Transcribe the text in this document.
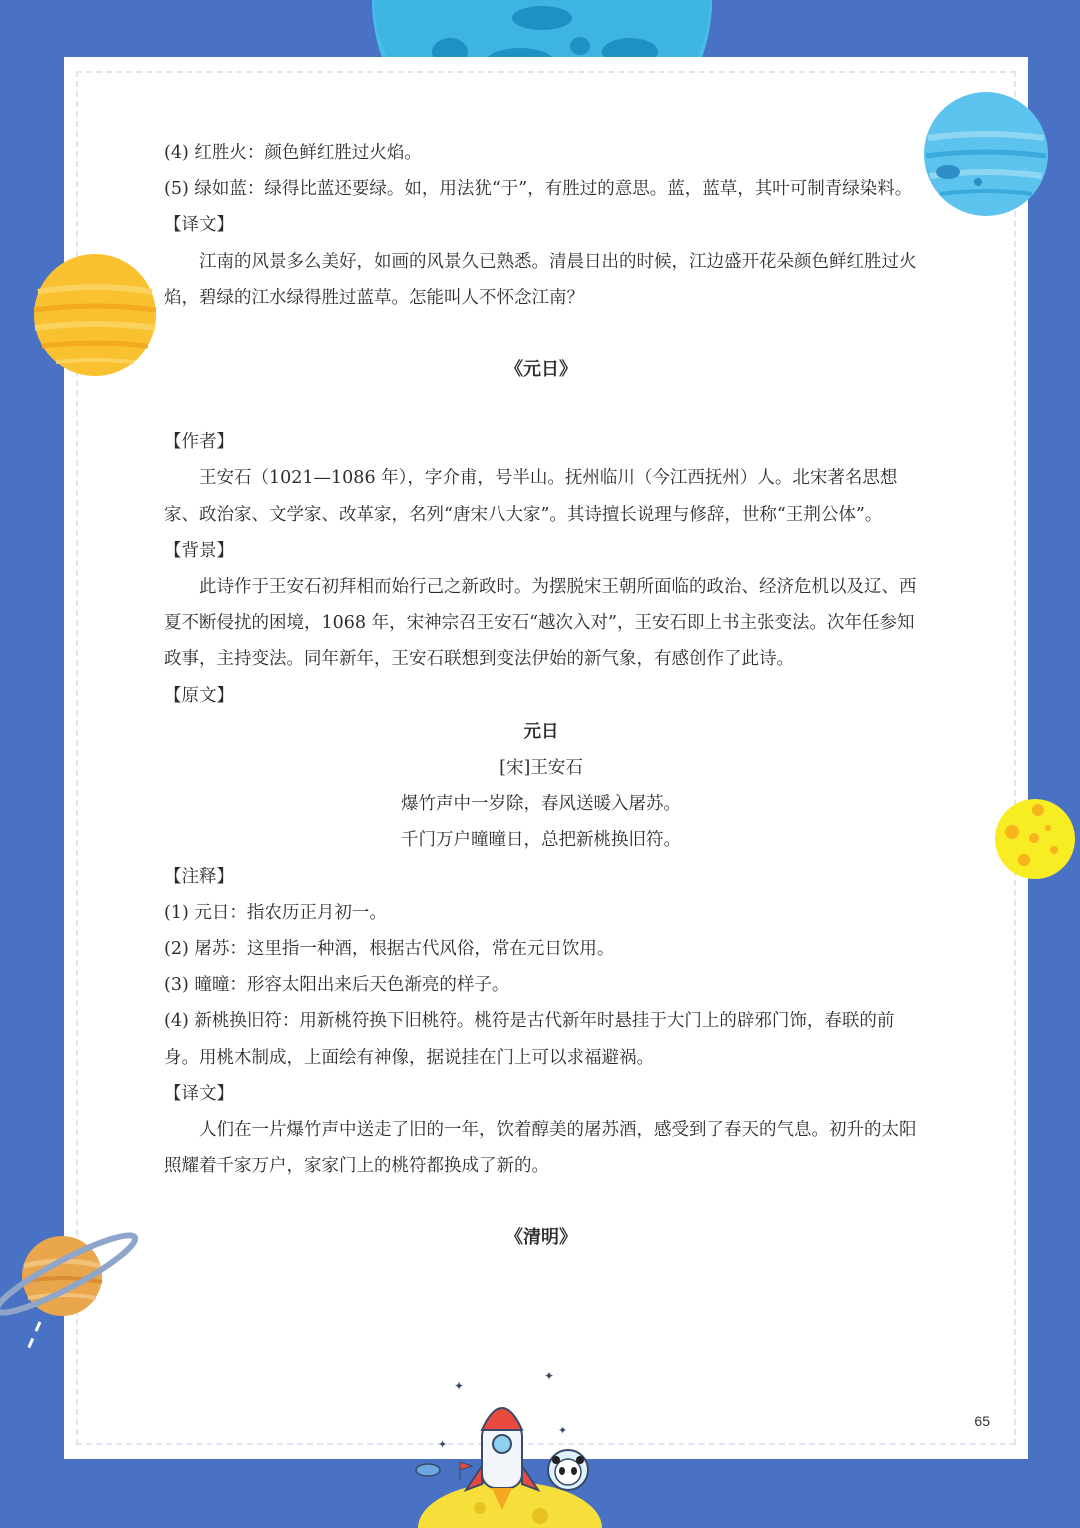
(4) 红胜火：颜色鲜红胜过火焰。

(5) 绿如蓝：绿得比蓝还要绿。如，用法犹“于”，有胜过的意思。蓝，蓝草，其叶可制青绿染料。

【译文】

江南的风景多么美好，如画的风景久已熟悉。清晨日出的时候，江边盛开花朵颜色鲜红胜过火焰，碧绿的江水绿得胜过蓝草。怎能叫人不怀念江南？

《元日》

【作者】

王安石（1021—1086 年），字介甫，号半山。抚州临川（今江西抚州）人。北宋著名思想家、政治家、文学家、改革家，名列“唐宋八大家”。其诗擅长说理与修辞，世称“王荆公体”。

【背景】

此诗作于王安石初拜相而始行己之新政时。为摆脱宋王朝所面临的政治、经济危机以及辽、西夏不断侵扰的困境，1068 年，宋神宗召王安石“越次入对”，王安石即上书主张变法。次年任参知政事，主持变法。同年新年，王安石联想到变法伊始的新气象，有感创作了此诗。

【原文】

元日

[宋]王安石

爆竹声中一岁除，春风送暖入屠苏。

千门万户曈曈日，总把新桃换旧符。

【注释】

(1) 元日：指农历正月初一。

(2) 屠苏：这里指一种酒，根据古代风俗，常在元日饮用。

(3) 曈曈：形容太阳出来后天色渐亮的样子。

(4) 新桃换旧符：用新桃符换下旧桃符。桃符是古代新年时悬挂于大门上的辟邪门饰，春联的前身。用桃木制成，上面绘有神像，据说挂在门上可以求福避祸。

【译文】

人们在一片爆竹声中送走了旧的一年，饮着醇美的屠苏酒，感受到了春天的气息。初升的太阳照耀着千家万户，家家门上的桃符都换成了新的。

《清明》

65
☆
✦
✦
✦
✦
